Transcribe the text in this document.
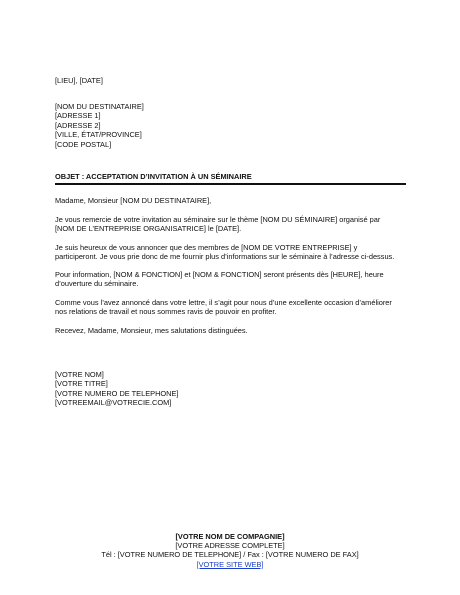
[LIEU], [DATE]
[NOM DU DESTINATAIRE]
[ADRESSE 1]
[ADRESSE 2]
[VILLE, ÉTAT/PROVINCE]
[CODE POSTAL]
OBJET : ACCEPTATION D’INVITATION À UN SÉMINAIRE
Madame, Monsieur [NOM DU DESTINATAIRE],
Je vous remercie de votre invitation au séminaire sur le thème [NOM DU SÉMINAIRE] organisé par
[NOM DE L’ENTREPRISE ORGANISATRICE] le [DATE].
Je suis heureux de vous annoncer que des membres de [NOM DE VOTRE ENTREPRISE] y
participeront. Je vous prie donc de me fournir plus d’informations sur le séminaire à l’adresse ci-dessus.
Pour information, [NOM & FONCTION] et [NOM & FONCTION] seront présents dès [HEURE], heure
d’ouverture du séminaire.
Comme vous l’avez annoncé dans votre lettre, il s’agit pour nous d’une excellente occasion d’améliorer
nos relations de travail et nous sommes ravis de pouvoir en profiter.
Recevez, Madame, Monsieur, mes salutations distinguées.
[VOTRE NOM]
[VOTRE TITRE]
[VOTRE NUMERO DE TELEPHONE]
[VOTREEMAIL@VOTRECIE.COM]
[VOTRE NOM DE COMPAGNIE]
[VOTRE ADRESSE COMPLETE]
Tél : [VOTRE NUMERO DE TELEPHONE] / Fax : [VOTRE NUMERO DE FAX]
[VOTRE SITE WEB]
